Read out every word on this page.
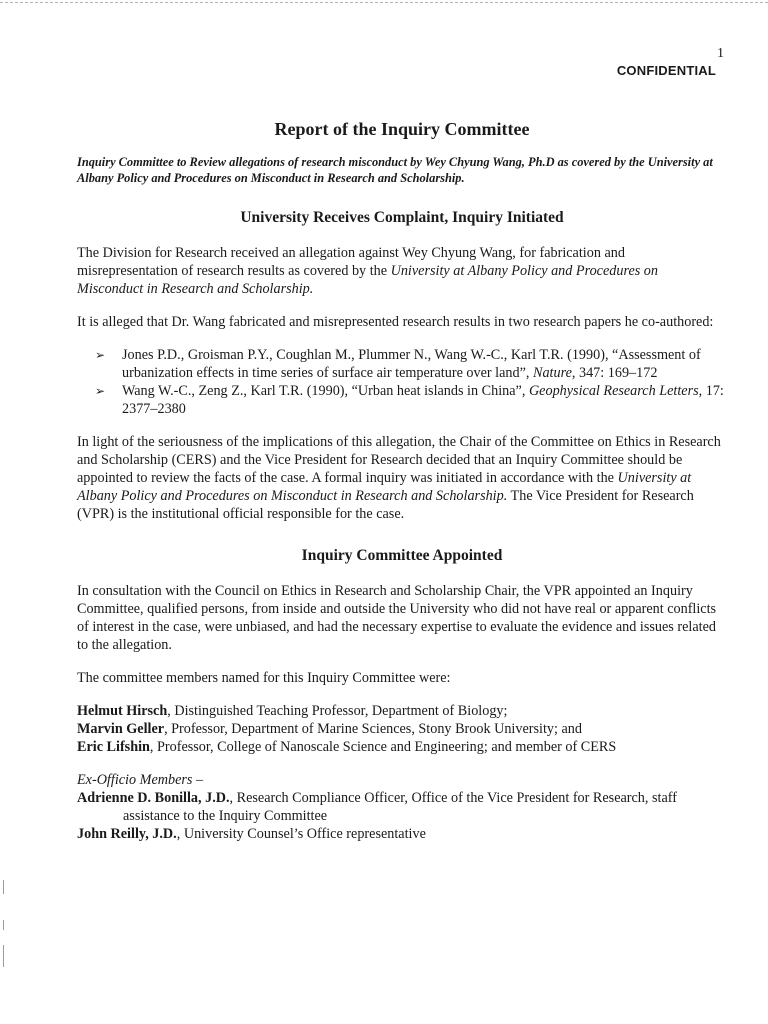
1
CONFIDENTIAL
Report of the Inquiry Committee
Inquiry Committee to Review allegations of research misconduct by Wey Chyung Wang, Ph.D as covered by the University at Albany Policy and Procedures on Misconduct in Research and Scholarship.
University Receives Complaint, Inquiry Initiated

The Division for Research received an allegation against Wey Chyung Wang, for fabrication and misrepresentation of research results as covered by the University at Albany Policy and Procedures on Misconduct in Research and Scholarship.

It is alleged that Dr. Wang fabricated and misrepresented research results in two research papers he co-authored:

➢ Jones P.D., Groisman P.Y., Coughlan M., Plummer N., Wang W.-C., Karl T.R. (1990), “Assessment of urbanization effects in time series of surface air temperature over land”, Nature, 347: 169–172
➢ Wang W.-C., Zeng Z., Karl T.R. (1990), “Urban heat islands in China”, Geophysical Research Letters, 17: 2377–2380

In light of the seriousness of the implications of this allegation, the Chair of the Committee on Ethics in Research and Scholarship (CERS) and the Vice President for Research decided that an Inquiry Committee should be appointed to review the facts of the case. A formal inquiry was initiated in accordance with the University at Albany Policy and Procedures on Misconduct in Research and Scholarship. The Vice President for Research (VPR) is the institutional official responsible for the case.

Inquiry Committee Appointed

In consultation with the Council on Ethics in Research and Scholarship Chair, the VPR appointed an Inquiry Committee, qualified persons, from inside and outside the University who did not have real or apparent conflicts of interest in the case, were unbiased, and had the necessary expertise to evaluate the evidence and issues related to the allegation.

The committee members named for this Inquiry Committee were:

Helmut Hirsch, Distinguished Teaching Professor, Department of Biology;
Marvin Geller, Professor, Department of Marine Sciences, Stony Brook University; and
Eric Lifshin, Professor, College of Nanoscale Science and Engineering; and member of CERS
Ex-Officio Members –
Adrienne D. Bonilla, J.D., Research Compliance Officer, Office of the Vice President for Research, staff assistance to the Inquiry Committee
John Reilly, J.D., University Counsel’s Office representative
